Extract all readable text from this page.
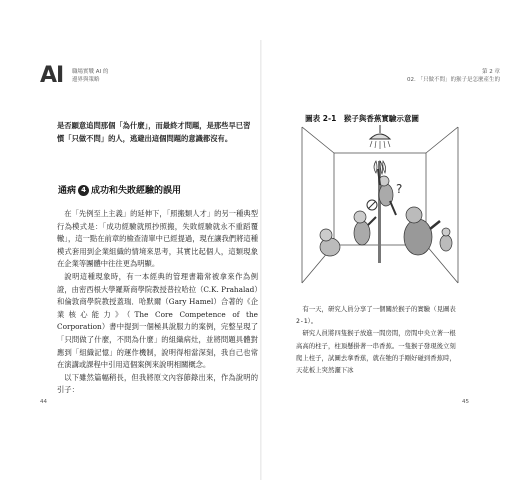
AI 職場實戰 AI 的
邊界與策略
是否願意追問那個「為什麼」，而最終才問題，是那些早已習慣「只做不問」的人，逃避出這個問題的意識都沒有。
通病 4 成功和失敗經驗的誤用

在「先例至上主義」的延伸下，「照搬類人才」的另一種典型行為模式是：「成功經驗就照抄照搬，失敗經驗就永不重蹈覆轍」，這一點在前章的檢查清單中已經提過，現在讓我們將這種模式套用到企業組織的情境來思考，其實比起個人，這類現象在企業等團體中往往更為明顯。

說明這種現象時，有一本經典的管理書籍常被拿來作為例證，由密西根大學羅斯商學院教授普拉哈拉（C.K. Prahalad）和倫敦商學院教授蓋瑞．哈默爾（Gary Hamel）合著的《企業核心能力》（The Core Competence of the Corporation）書中提到一個極具說服力的案例，完整呈現了「只問做了什麼，不問為什麼」的組織病灶，並將問題具體對應到「組織記憶」的運作機制，說明得相當深刻，我自己也常在演講或課程中引用這個案例來說明相關概念。

以下雖然篇幅稍長，但我將原文內容節錄出來，作為說明的引子：

44
第 2 章
02. 「只做不問」的猴子是怎麼產生的
圖表 2-1　猴子與香蕉實驗示意圖
?

有一天，研究人員分享了一個關於猴子的實驗（見圖表 2-1）。

研究人員將四隻猴子放進一間房間，房間中央立著一根高高的柱子，柱頂懸掛著一串香蕉。一隻猴子發現後立刻爬上柱子，試圖去拿香蕉，就在牠的手剛好碰到香蕉時，天花板上突然灑下冰

45
